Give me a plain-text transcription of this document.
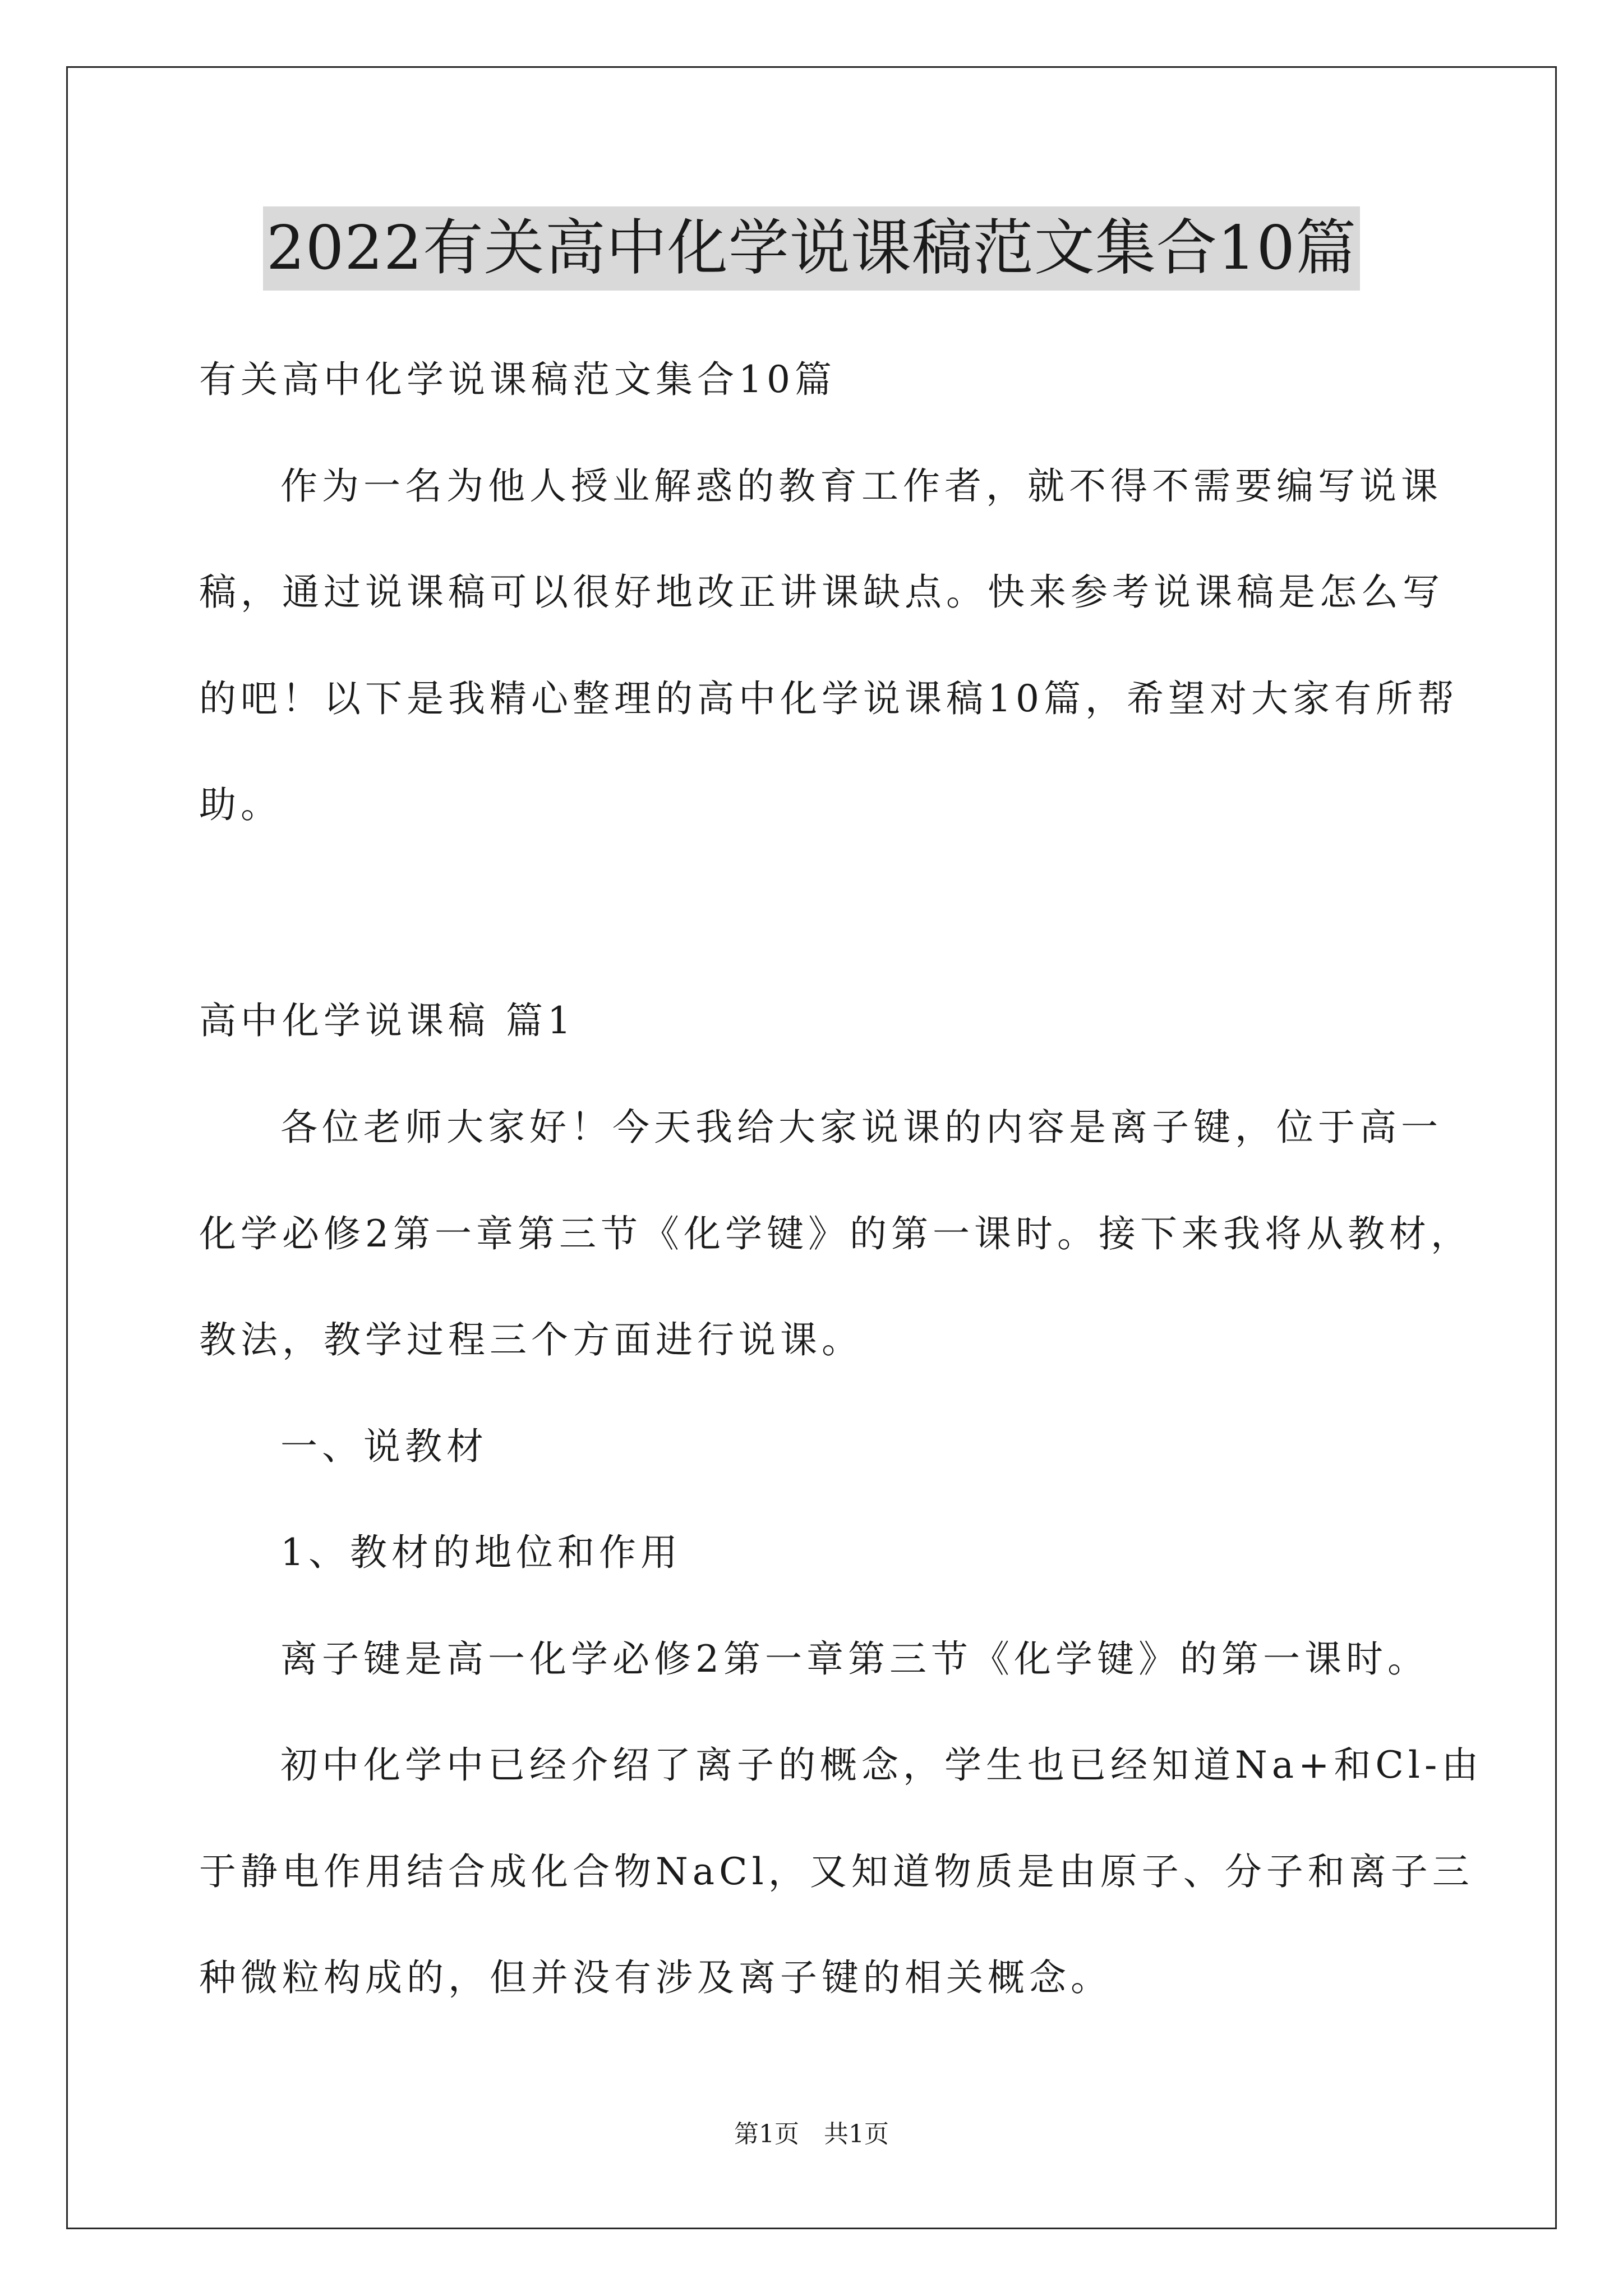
2022有关高中化学说课稿范文集合10篇
有关高中化学说课稿范文集合10篇
作为一名为他人授业解惑的教育工作者，就不得不需要编写说课
稿，通过说课稿可以很好地改正讲课缺点。快来参考说课稿是怎么写
的吧！以下是我精心整理的高中化学说课稿10篇，希望对大家有所帮
助。
高中化学说课稿 篇1
各位老师大家好！今天我给大家说课的内容是离子键，位于高一
化学必修2第一章第三节《化学键》的第一课时。接下来我将从教材，
教法，教学过程三个方面进行说课。
一、说教材
1、教材的地位和作用
离子键是高一化学必修2第一章第三节《化学键》的第一课时。
初中化学中已经介绍了离子的概念，学生也已经知道Na+和Cl-由
于静电作用结合成化合物NaCl，又知道物质是由原子、分子和离子三
种微粒构成的，但并没有涉及离子键的相关概念。
第1页　共1页
